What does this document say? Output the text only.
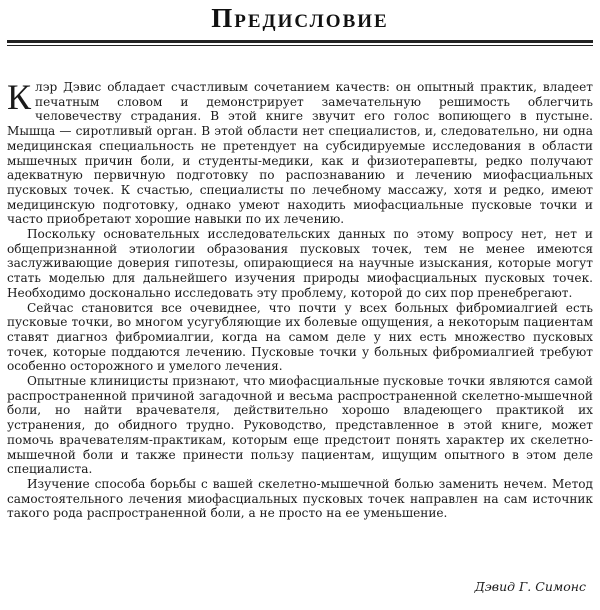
Предисловие

Клэр Дэвис обладает счастливым сочетанием качеств: он опытный практик, владеет печатным словом и демонстрирует замечательную решимость облегчить человечеству страдания. В этой книге звучит его голос вопиющего в пустыне. Мышца — сиротливый орган. В этой области нет специалистов, и, следовательно, ни одна медицинская специальность не претендует на субсидируемые исследования в области мышечных причин боли, и студенты-медики, как и физиотерапевты, редко получают адекватную первичную подготовку по распознаванию и лечению миофасциальных пусковых точек. К счастью, специалисты по лечебному массажу, хотя и редко, имеют медицинскую подготовку, однако умеют находить миофасциальные пусковые точки и часто приобретают хорошие навыки по их лечению.

Поскольку основательных исследовательских данных по этому вопросу нет, нет и общепризнанной этиологии образования пусковых точек, тем не менее имеются заслуживающие доверия гипотезы, опирающиеся на научные изыскания, которые могут стать моделью для дальнейшего изучения природы миофасциальных пусковых точек. Необходимо досконально исследовать эту проблему, которой до сих пор пренебрегают.

Сейчас становится все очевиднее, что почти у всех больных фибромиалгией есть пусковые точки, во многом усугубляющие их болевые ощущения, а некоторым пациентам ставят диагноз фибромиалгии, когда на самом деле у них есть множество пусковых точек, которые поддаются лечению. Пусковые точки у больных фибромиалгией требуют особенно осторожного и умелого лечения.

Опытные клиницисты признают, что миофасциальные пусковые точки являются самой распространенной причиной загадочной и весьма распространенной скелетно-мышечной боли, но найти врачевателя, действительно хорошо владеющего практикой их устранения, до обидного трудно. Руководство, представленное в этой книге, может помочь врачевателям-практикам, которым еще предстоит понять характер их скелетно-мышечной боли и также принести пользу пациентам, ищущим опытного в этом деле специалиста.

Изучение способа борьбы с вашей скелетно-мышечной болью заменить нечем. Метод самостоятельного лечения миофасциальных пусковых точек направлен на сам источник такого рода распространенной боли, а не просто на ее уменьшение.

Дэвид Г. Симонс
